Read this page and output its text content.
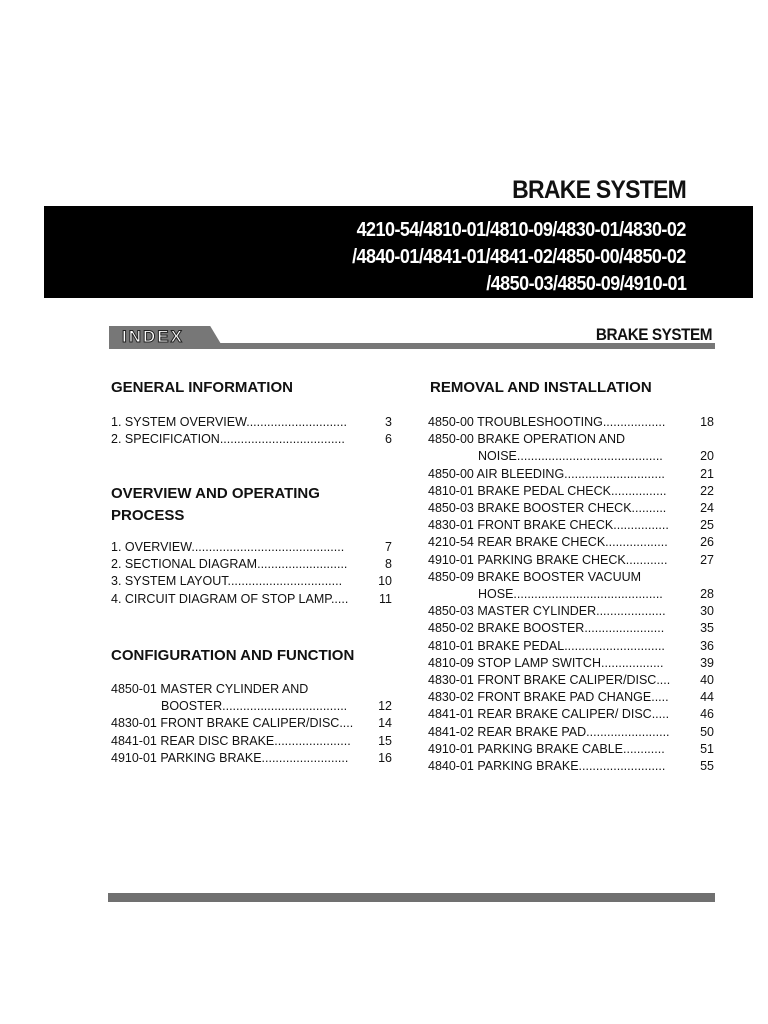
BRAKE SYSTEM
4210-54/4810-01/4810-09/4830-01/4830-02
/4840-01/4841-01/4841-02/4850-00/4850-02
/4850-03/4850-09/4910-01
INDEX	BRAKE SYSTEM
GENERAL INFORMATION
1. SYSTEM OVERVIEW.............................	3
2. SPECIFICATION....................................	6
OVERVIEW AND OPERATING
PROCESS
1. OVERVIEW............................................	7
2. SECTIONAL DIAGRAM..........................	8
3. SYSTEM LAYOUT.................................	10
4. CIRCUIT DIAGRAM OF STOP LAMP.....	11
CONFIGURATION AND FUNCTION
4850-01 MASTER CYLINDER AND
BOOSTER....................................	12
4830-01 FRONT BRAKE CALIPER/DISC....	14
4841-01 REAR DISC BRAKE......................	15
4910-01 PARKING BRAKE.........................	16
REMOVAL AND INSTALLATION
4850-00 TROUBLESHOOTING..................	18
4850-00 BRAKE OPERATION AND
NOISE..........................................	20
4850-00 AIR BLEEDING.............................	21
4810-01 BRAKE PEDAL CHECK................	22
4850-03 BRAKE BOOSTER CHECK..........	24
4830-01 FRONT BRAKE CHECK................	25
4210-54 REAR BRAKE CHECK..................	26
4910-01 PARKING BRAKE CHECK............	27
4850-09 BRAKE BOOSTER VACUUM
HOSE...........................................	28
4850-03 MASTER CYLINDER....................	30
4850-02 BRAKE BOOSTER.......................	35
4810-01 BRAKE PEDAL.............................	36
4810-09 STOP LAMP SWITCH..................	39
4830-01 FRONT BRAKE CALIPER/DISC....	40
4830-02 FRONT BRAKE PAD CHANGE.....	44
4841-01 REAR BRAKE CALIPER/ DISC.....	46
4841-02 REAR BRAKE PAD........................	50
4910-01 PARKING BRAKE CABLE............	51
4840-01 PARKING BRAKE.........................	55
